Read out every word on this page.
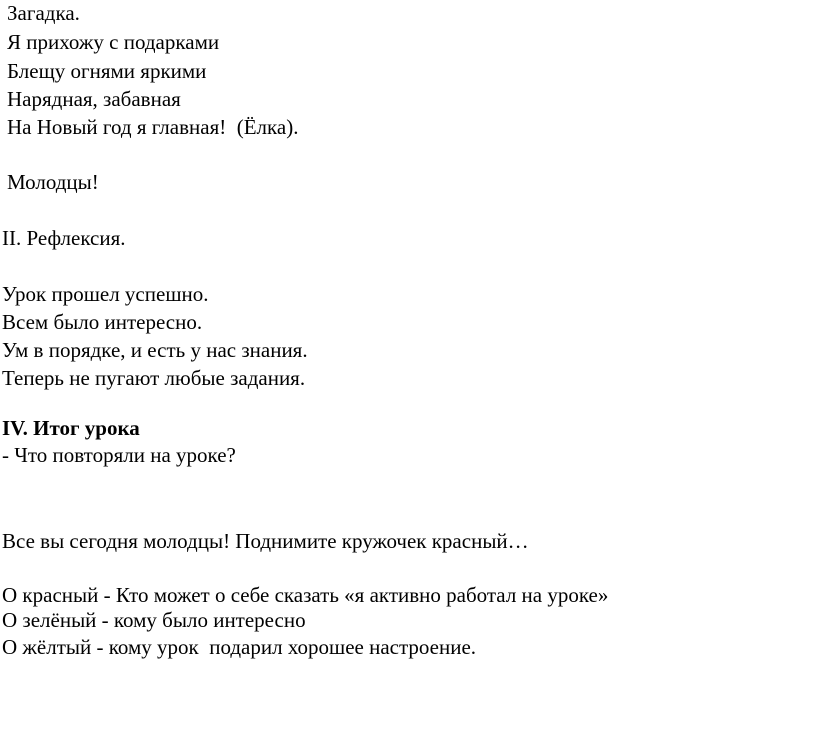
Загадка.
Я прихожу с подарками
Блещу огнями яркими
Нарядная, забавная
На Новый год я главная!  (Ёлка).
Молодцы!
II. Рефлексия.
Урок прошел успешно.
Всем было интересно.
Ум в порядке, и есть у нас знания.
Теперь не пугают любые задания.
IV. Итог урока
- Что повторяли на уроке?
Все вы сегодня молодцы! Поднимите кружочек красный…
О красный - Кто может о себе сказать «я активно работал на уроке»
О зелёный - кому было интересно
О жёлтый - кому урок  подарил хорошее настроение.
